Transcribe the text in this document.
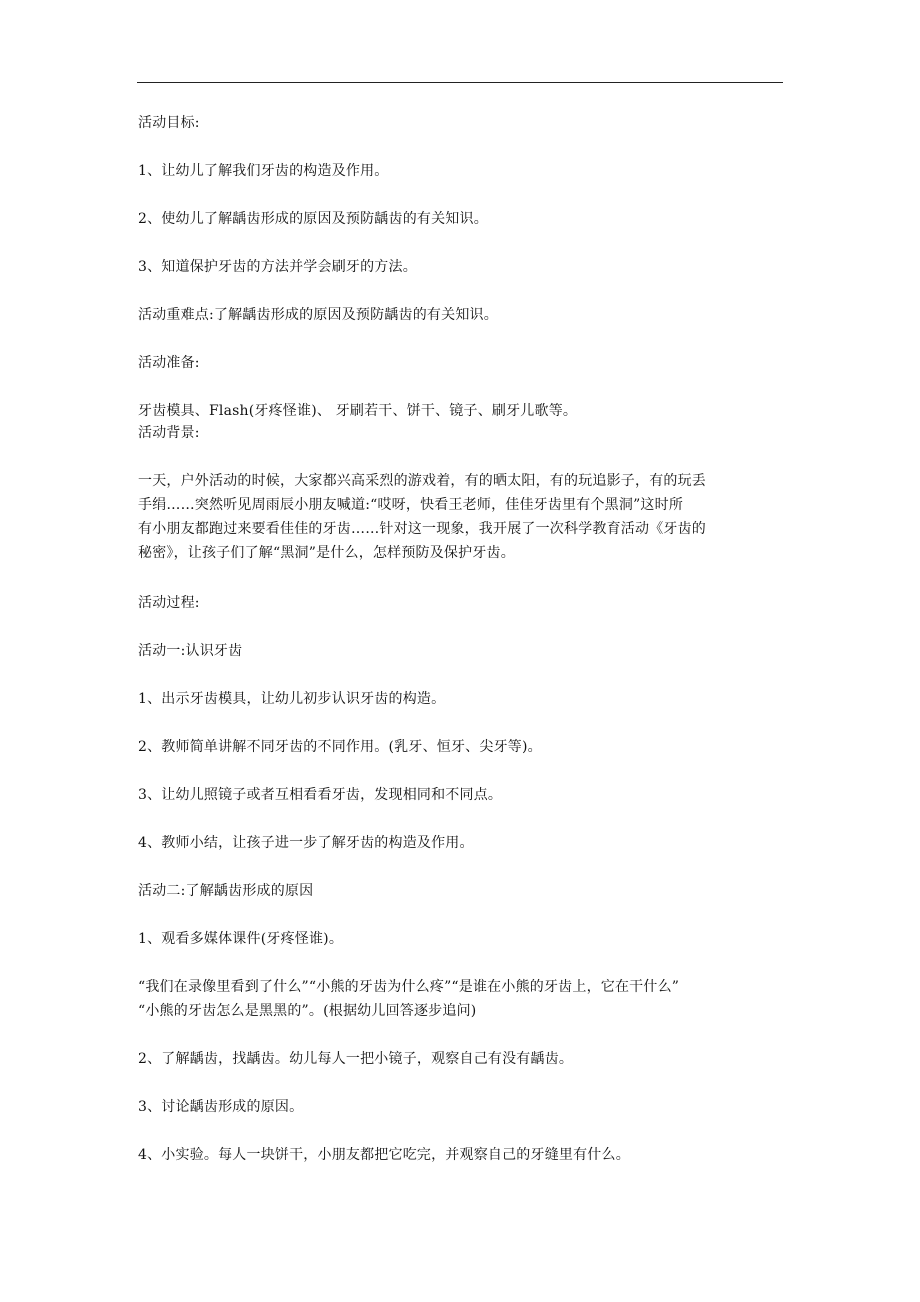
活动目标:
1、让幼儿了解我们牙齿的构造及作用。
2、使幼儿了解龋齿形成的原因及预防龋齿的有关知识。
3、知道保护牙齿的方法并学会刷牙的方法。
活动重难点:了解龋齿形成的原因及预防龋齿的有关知识。
活动准备:
牙齿模具、Flash(牙疼怪谁)、 牙刷若干、饼干、镜子、刷牙儿歌等。
活动背景:
一天，户外活动的时候，大家都兴高采烈的游戏着，有的晒太阳，有的玩追影子，有的玩丢
手绢……突然听见周雨辰小朋友喊道:“哎呀，快看王老师，佳佳牙齿里有个黑洞”这时所
有小朋友都跑过来要看佳佳的牙齿……针对这一现象，我开展了一次科学教育活动《牙齿的
秘密》，让孩子们了解“黑洞”是什么，怎样预防及保护牙齿。
活动过程:
活动一:认识牙齿
1、出示牙齿模具，让幼儿初步认识牙齿的构造。
2、教师简单讲解不同牙齿的不同作用。(乳牙、恒牙、尖牙等)。
3、让幼儿照镜子或者互相看看牙齿，发现相同和不同点。
4、教师小结，让孩子进一步了解牙齿的构造及作用。
活动二:了解龋齿形成的原因
1、观看多媒体课件(牙疼怪谁)。
“我们在录像里看到了什么”“小熊的牙齿为什么疼”“是谁在小熊的牙齿上，它在干什么”
“小熊的牙齿怎么是黑黑的”。(根据幼儿回答逐步追问)
2、了解龋齿，找龋齿。幼儿每人一把小镜子，观察自己有没有龋齿。
3、讨论龋齿形成的原因。
4、小实验。每人一块饼干，小朋友都把它吃完，并观察自己的牙缝里有什么。
